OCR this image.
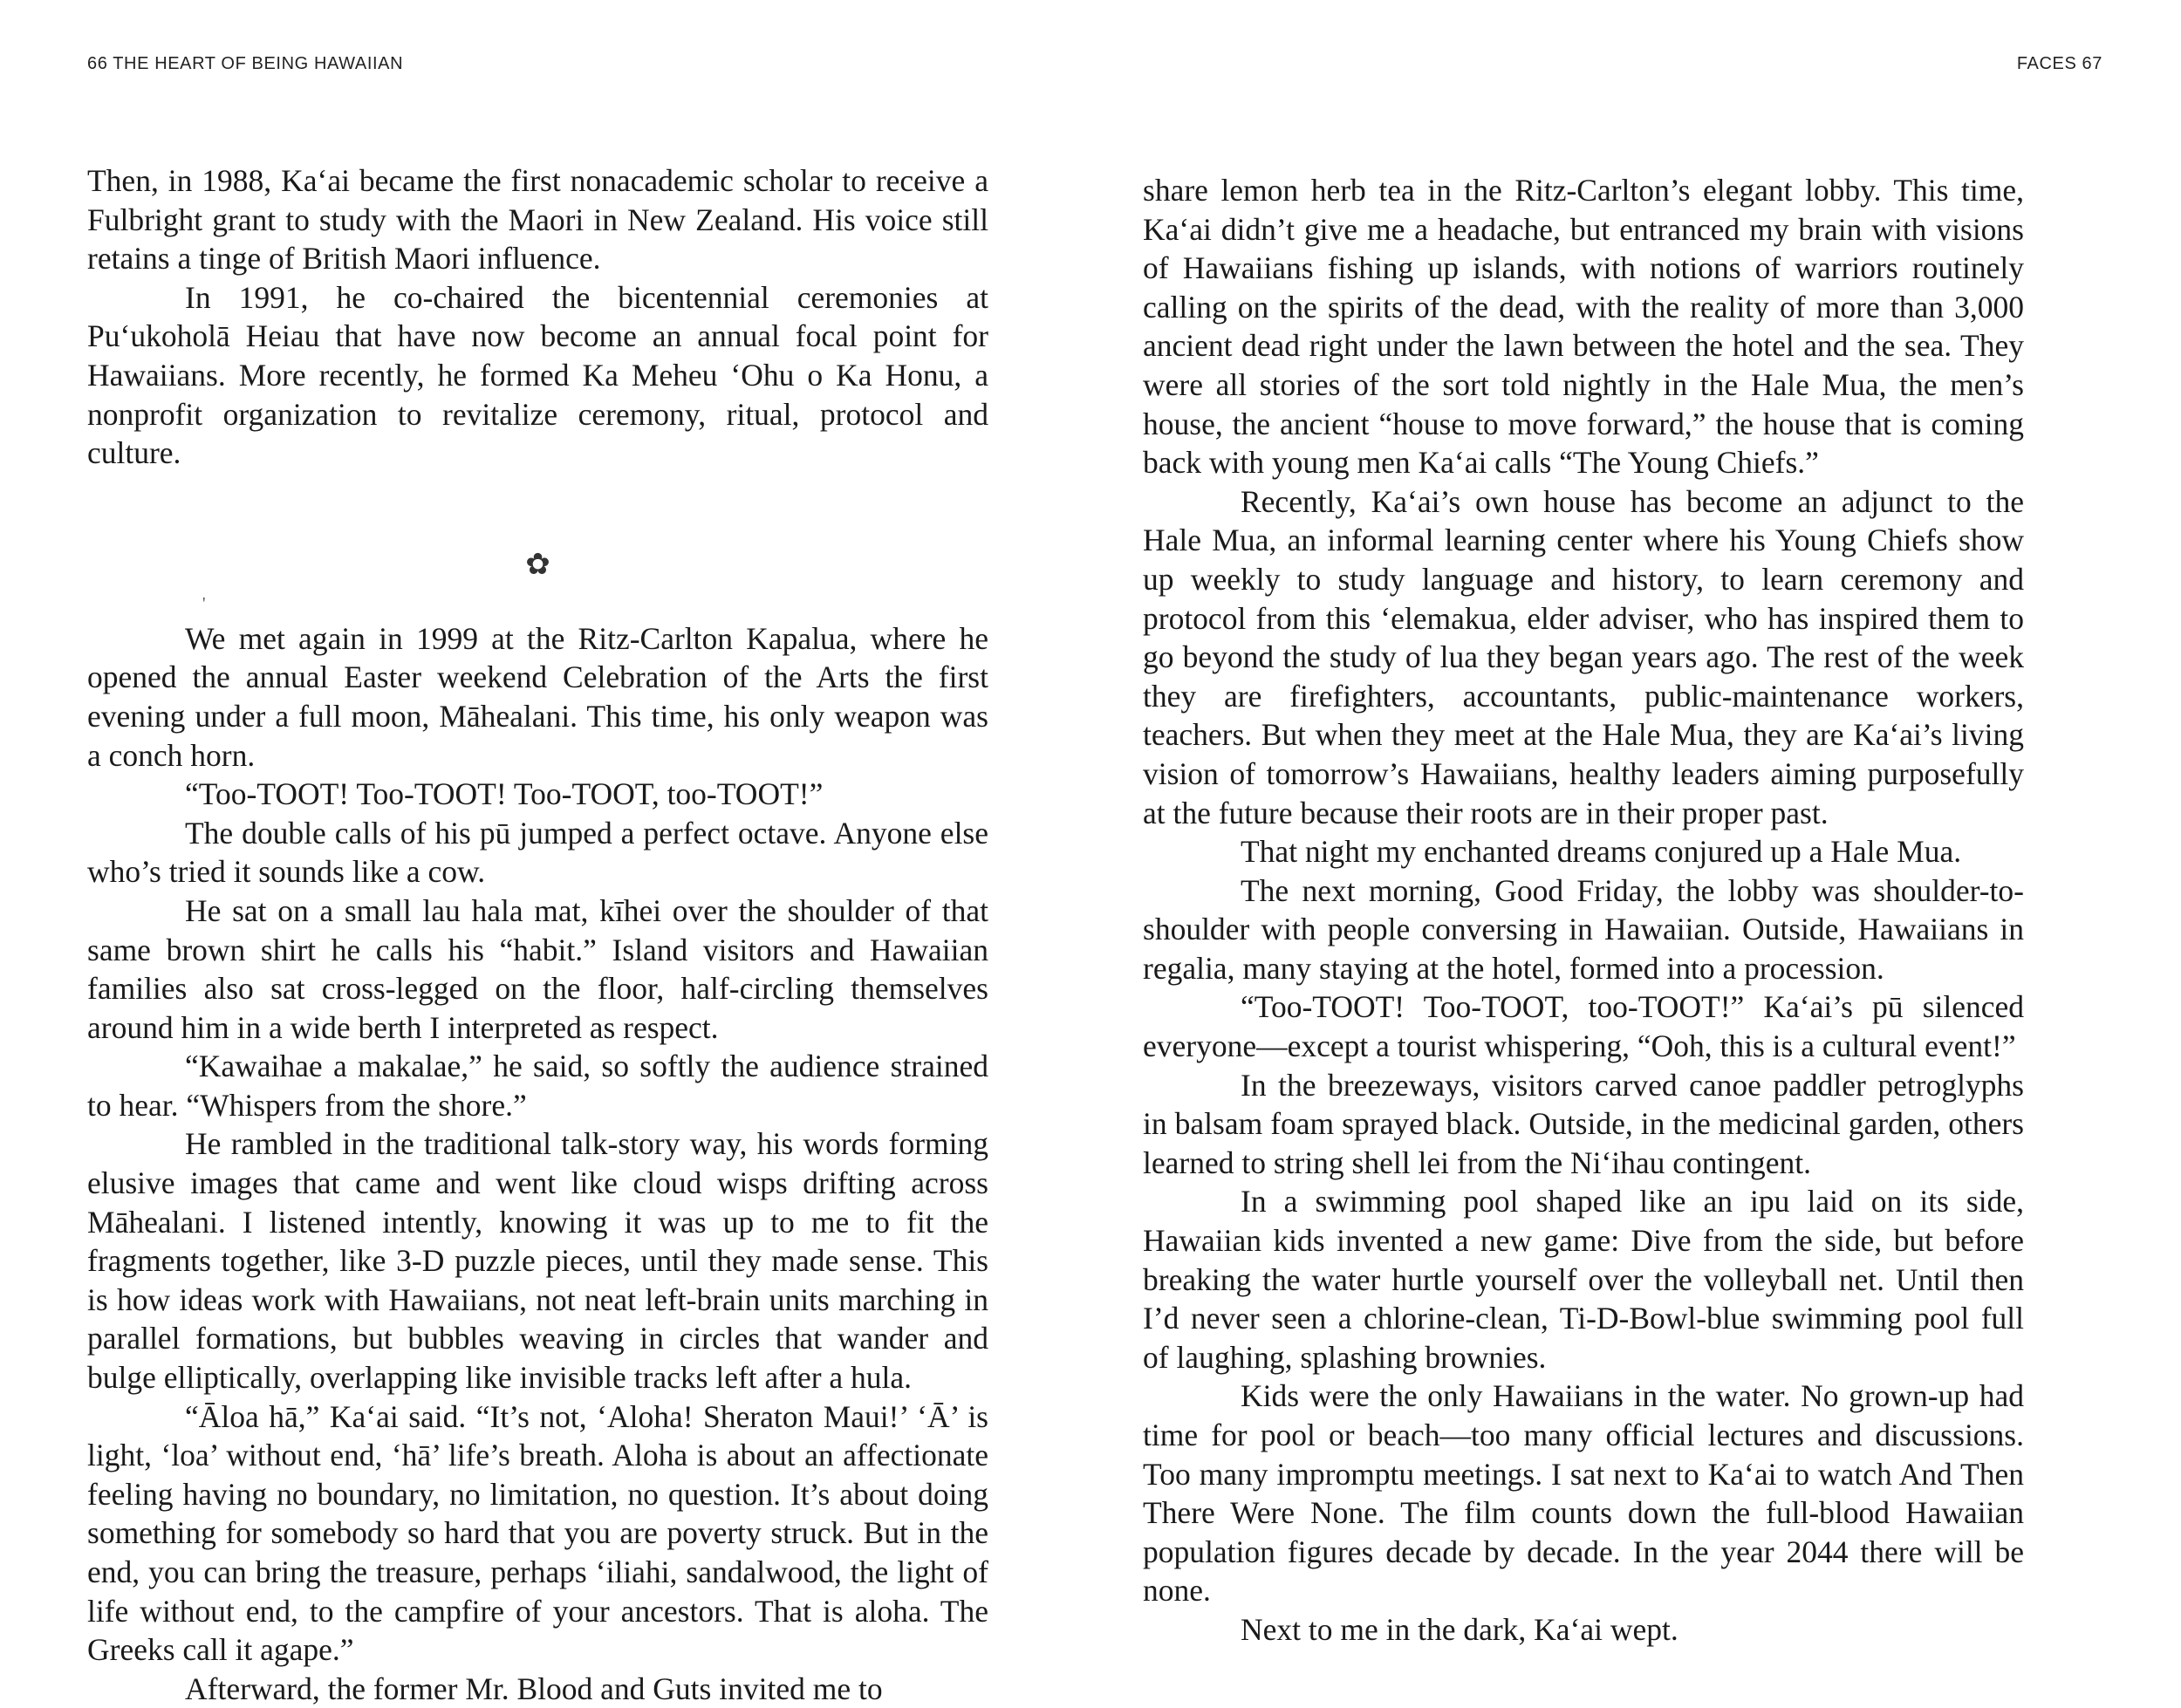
66 THE HEART OF BEING HAWAIIAN

Then, in 1988, Ka‘ai became the first nonacademic scholar to receive a Fulbright grant to study with the Maori in New Zealand. His voice still retains a tinge of British Maori influence.

In 1991, he co-chaired the bicentennial ceremonies at Pu‘ukoholā Heiau that have now become an annual focal point for Hawaiians. More recently, he formed Ka Meheu ‘Ohu o Ka Honu, a nonprofit organization to revitalize ceremony, ritual, protocol and culture.

✿
'

We met again in 1999 at the Ritz-Carlton Kapalua, where he opened the annual Easter weekend Celebration of the Arts the first evening under a full moon, Māhealani. This time, his only weapon was a conch horn.

“Too-TOOT! Too-TOOT! Too-TOOT, too-TOOT!”

The double calls of his pū jumped a perfect octave. Anyone else who’s tried it sounds like a cow.

He sat on a small lau hala mat, kīhei over the shoulder of that same brown shirt he calls his “habit.” Island visitors and Hawaiian families also sat cross-legged on the floor, half-circling themselves around him in a wide berth I interpreted as respect.

“Kawaihae a makalae,” he said, so softly the audience strained to hear. “Whispers from the shore.”

He rambled in the traditional talk-story way, his words forming elusive images that came and went like cloud wisps drifting across Māhealani. I listened intently, knowing it was up to me to fit the fragments together, like 3-D puzzle pieces, until they made sense. This is how ideas work with Hawaiians, not neat left-brain units marching in parallel formations, but bubbles weaving in circles that wander and bulge elliptically, overlapping like invisible tracks left after a hula.

“Āloa hā,” Ka‘ai said. “It’s not, ‘Aloha! Sheraton Maui!’ ‘Ā’ is light, ‘loa’ without end, ‘hā’ life’s breath. Aloha is about an affectionate feeling having no boundary, no limitation, no question. It’s about doing something for somebody so hard that you are poverty struck. But in the end, you can bring the treasure, perhaps ‘iliahi, sandalwood, the light of life without end, to the campfire of your ancestors. That is aloha. The Greeks call it agape.”

Afterward, the former Mr. Blood and Guts invited me to

FACES 67

share lemon herb tea in the Ritz-Carlton’s elegant lobby. This time, Ka‘ai didn’t give me a headache, but entranced my brain with visions of Hawaiians fishing up islands, with notions of warriors routinely calling on the spirits of the dead, with the reality of more than 3,000 ancient dead right under the lawn between the hotel and the sea. They were all stories of the sort told nightly in the Hale Mua, the men’s house, the ancient “house to move forward,” the house that is coming back with young men Ka‘ai calls “The Young Chiefs.”

Recently, Ka‘ai’s own house has become an adjunct to the Hale Mua, an informal learning center where his Young Chiefs show up weekly to study language and history, to learn ceremony and protocol from this ‘elemakua, elder adviser, who has inspired them to go beyond the study of lua they began years ago. The rest of the week they are firefighters, accountants, public-maintenance workers, teachers. But when they meet at the Hale Mua, they are Ka‘ai’s living vision of tomorrow’s Hawaiians, healthy leaders aiming purposefully at the future because their roots are in their proper past.

That night my enchanted dreams conjured up a Hale Mua.

The next morning, Good Friday, the lobby was shoulder-to-shoulder with people conversing in Hawaiian. Outside, Hawaiians in regalia, many staying at the hotel, formed into a procession.

“Too-TOOT! Too-TOOT, too-TOOT!” Ka‘ai’s pū silenced everyone—except a tourist whispering, “Ooh, this is a cultural event!”

In the breezeways, visitors carved canoe paddler petroglyphs in balsam foam sprayed black. Outside, in the medicinal garden, others learned to string shell lei from the Ni‘ihau contingent.

In a swimming pool shaped like an ipu laid on its side, Hawaiian kids invented a new game: Dive from the side, but before breaking the water hurtle yourself over the volleyball net. Until then I’d never seen a chlorine-clean, Ti-D-Bowl-blue swimming pool full of laughing, splashing brownies.

Kids were the only Hawaiians in the water. No grown-up had time for pool or beach—too many official lectures and discussions. Too many impromptu meetings. I sat next to Ka‘ai to watch And Then There Were None. The film counts down the full-blood Hawaiian population figures decade by decade. In the year 2044 there will be none.

Next to me in the dark, Ka‘ai wept.
